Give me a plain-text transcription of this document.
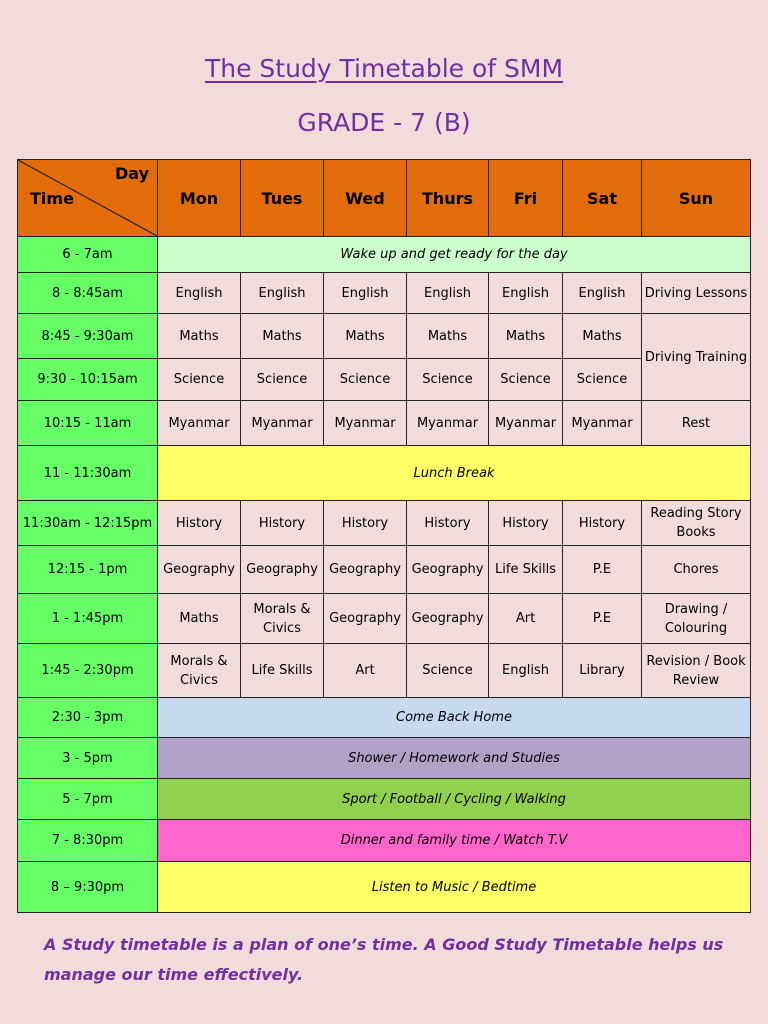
The Study Timetable of SMM
GRADE - 7 (B)
Day
Time	Mon	Tues	Wed	Thurs	Fri	Sat	Sun
6 - 7am	Wake up and get ready for the day						
8 - 8:45am	English	English	English	English	English	English	Driving Lessons
8:45 - 9:30am	Maths	Maths	Maths	Maths	Maths	Maths	Driving Training
9:30 - 10:15am	Science	Science	Science	Science	Science	Science	
10:15 - 11am	Myanmar	Myanmar	Myanmar	Myanmar	Myanmar	Myanmar	Rest
11 - 11:30am	Lunch Break						
11:30am - 12:15pm	History	History	History	History	History	History	Reading Story Books
12:15 - 1pm	Geography	Geography	Geography	Geography	Life Skills	P.E	Chores
1 - 1:45pm	Maths	Morals & Civics	Geography	Geography	Art	P.E	Drawing / Colouring
1:45 - 2:30pm	Morals & Civics	Life Skills	Art	Science	English	Library	Revision / Book Review
2:30 - 3pm	Come Back Home						
3 - 5pm	Shower / Homework and Studies						
5 - 7pm	Sport / Football / Cycling / Walking						
7 - 8:30pm	Dinner and family time / Watch T.V						
8 – 9:30pm	Listen to Music / Bedtime						
A Study timetable is a plan of one’s time. A Good Study Timetable helps us manage our time effectively.
